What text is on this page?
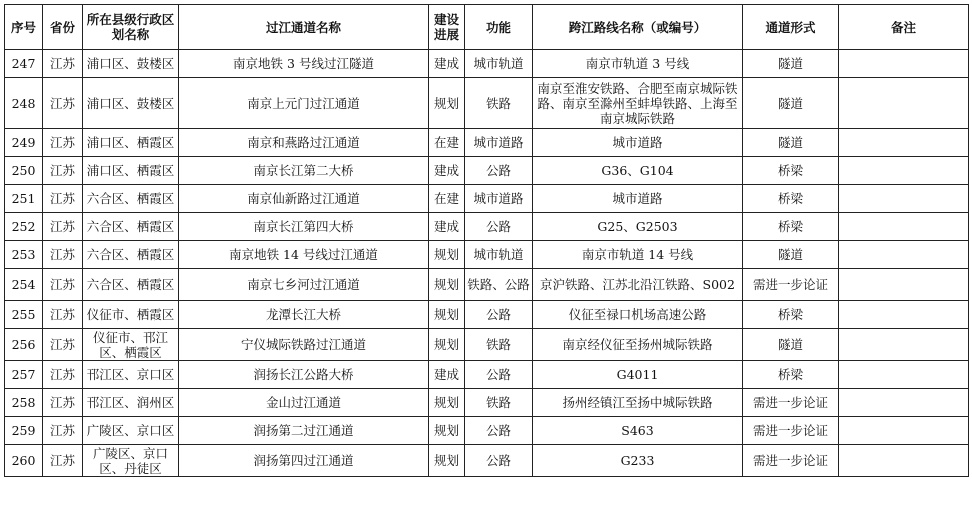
序号	省份	所在县级行政区划名称	过江通道名称	建设进展	功能	跨江路线名称（或编号）	通道形式	备注
247	江苏	浦口区、鼓楼区	南京地铁 3 号线过江隧道	建成	城市轨道	南京市轨道 3 号线	隧道	
248	江苏	浦口区、鼓楼区	南京上元门过江通道	规划	铁路	南京至淮安铁路、合肥至南京城际铁路、南京至滁州至蚌埠铁路、上海至南京城际铁路	隧道	
249	江苏	浦口区、栖霞区	南京和燕路过江通道	在建	城市道路	城市道路	隧道	
250	江苏	浦口区、栖霞区	南京长江第二大桥	建成	公路	G36、G104	桥梁	
251	江苏	六合区、栖霞区	南京仙新路过江通道	在建	城市道路	城市道路	桥梁	
252	江苏	六合区、栖霞区	南京长江第四大桥	建成	公路	G25、G2503	桥梁	
253	江苏	六合区、栖霞区	南京地铁 14 号线过江通道	规划	城市轨道	南京市轨道 14 号线	隧道	
254	江苏	六合区、栖霞区	南京七乡河过江通道	规划	铁路、公路	京沪铁路、江苏北沿江铁路、S002	需进一步论证	
255	江苏	仪征市、栖霞区	龙潭长江大桥	规划	公路	仪征至禄口机场高速公路	桥梁	
256	江苏	仪征市、邗江区、栖霞区	宁仪城际铁路过江通道	规划	铁路	南京经仪征至扬州城际铁路	隧道	
257	江苏	邗江区、京口区	润扬长江公路大桥	建成	公路	G4011	桥梁	
258	江苏	邗江区、润州区	金山过江通道	规划	铁路	扬州经镇江至扬中城际铁路	需进一步论证	
259	江苏	广陵区、京口区	润扬第二过江通道	规划	公路	S463	需进一步论证	
260	江苏	广陵区、京口区、丹徒区	润扬第四过江通道	规划	公路	G233	需进一步论证	
